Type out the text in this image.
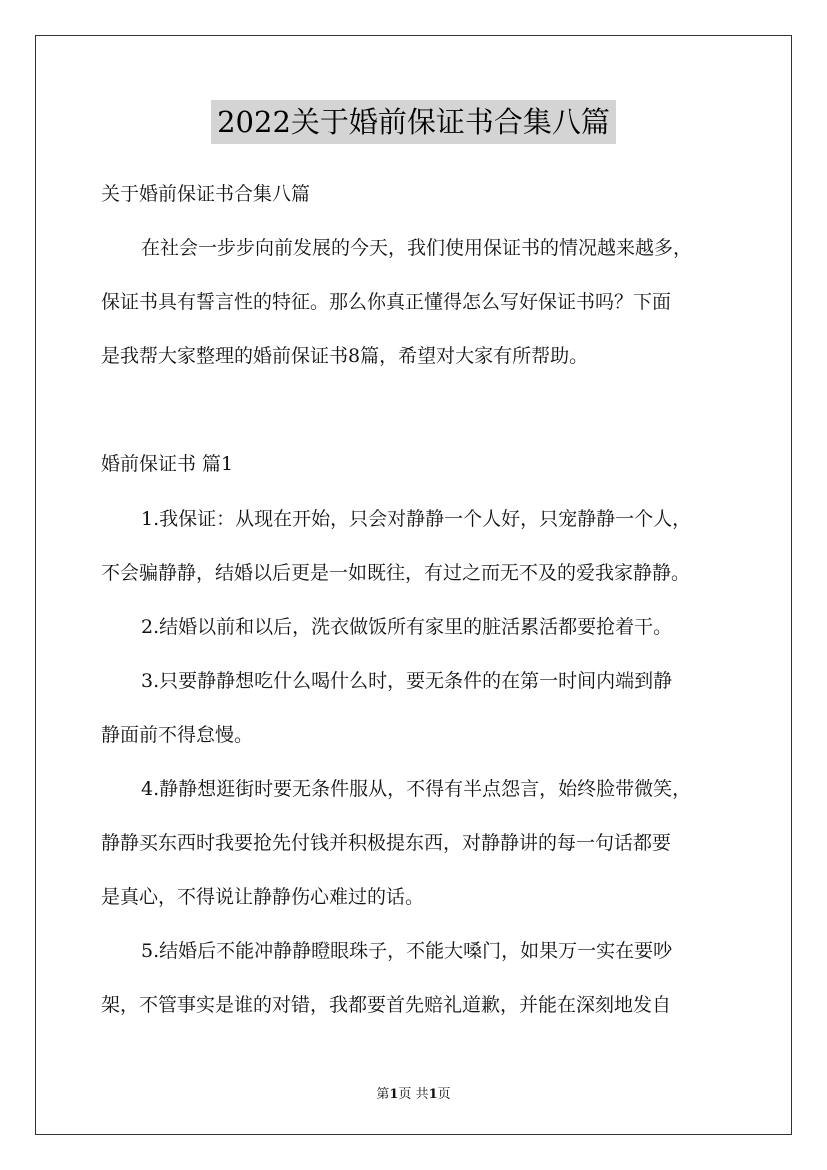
2022关于婚前保证书合集八篇
关于婚前保证书合集八篇
在社会一步步向前发展的今天，我们使用保证书的情况越来越多，
保证书具有誓言性的特征。那么你真正懂得怎么写好保证书吗？下面
是我帮大家整理的婚前保证书8篇，希望对大家有所帮助。
婚前保证书 篇1
1.我保证：从现在开始，只会对静静一个人好，只宠静静一个人，
不会骗静静，结婚以后更是一如既往，有过之而无不及的爱我家静静。
2.结婚以前和以后，洗衣做饭所有家里的脏活累活都要抢着干。
3.只要静静想吃什么喝什么时，要无条件的在第一时间内端到静
静面前不得怠慢。
4.静静想逛街时要无条件服从，不得有半点怨言，始终脸带微笑，
静静买东西时我要抢先付钱并积极提东西，对静静讲的每一句话都要
是真心，不得说让静静伤心难过的话。
5.结婚后不能冲静静瞪眼珠子，不能大嗓门，如果万一实在要吵
架，不管事实是谁的对错，我都要首先赔礼道歉，并能在深刻地发自
第1页 共1页
